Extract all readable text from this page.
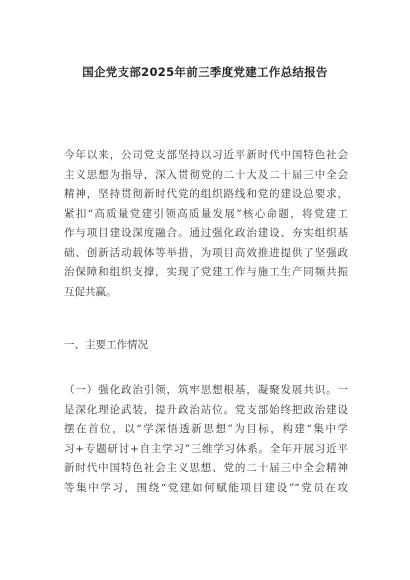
国企党支部2025年前三季度党建工作总结报告
今年以来，公司党支部坚持以习近平新时代中国特色社会
主义思想为指导，深入贯彻党的二十大及二十届三中全会
精神，坚持贯彻新时代党的组织路线和党的建设总要求，
紧扣“高质量党建引领高质量发展”核心命题，将党建工
作与项目建设深度融合。通过强化政治建设、夯实组织基
础、创新活动载体等举措，为项目高效推进提供了坚强政
治保障和组织支撑，实现了党建工作与施工生产同频共振
互促共赢。
一、主要工作情况
（一）强化政治引领，筑牢思想根基，凝聚发展共识。一
是深化理论武装，提升政治站位。党支部始终把政治建设
摆在首位，以“学深悟透新思想”为目标，构建“集中学
习+专题研讨+自主学习”三维学习体系。全年开展习近平
新时代中国特色社会主义思想、党的二十届三中全会精神
等集中学习，围绕“党建如何赋能项目建设”“党员在攻
